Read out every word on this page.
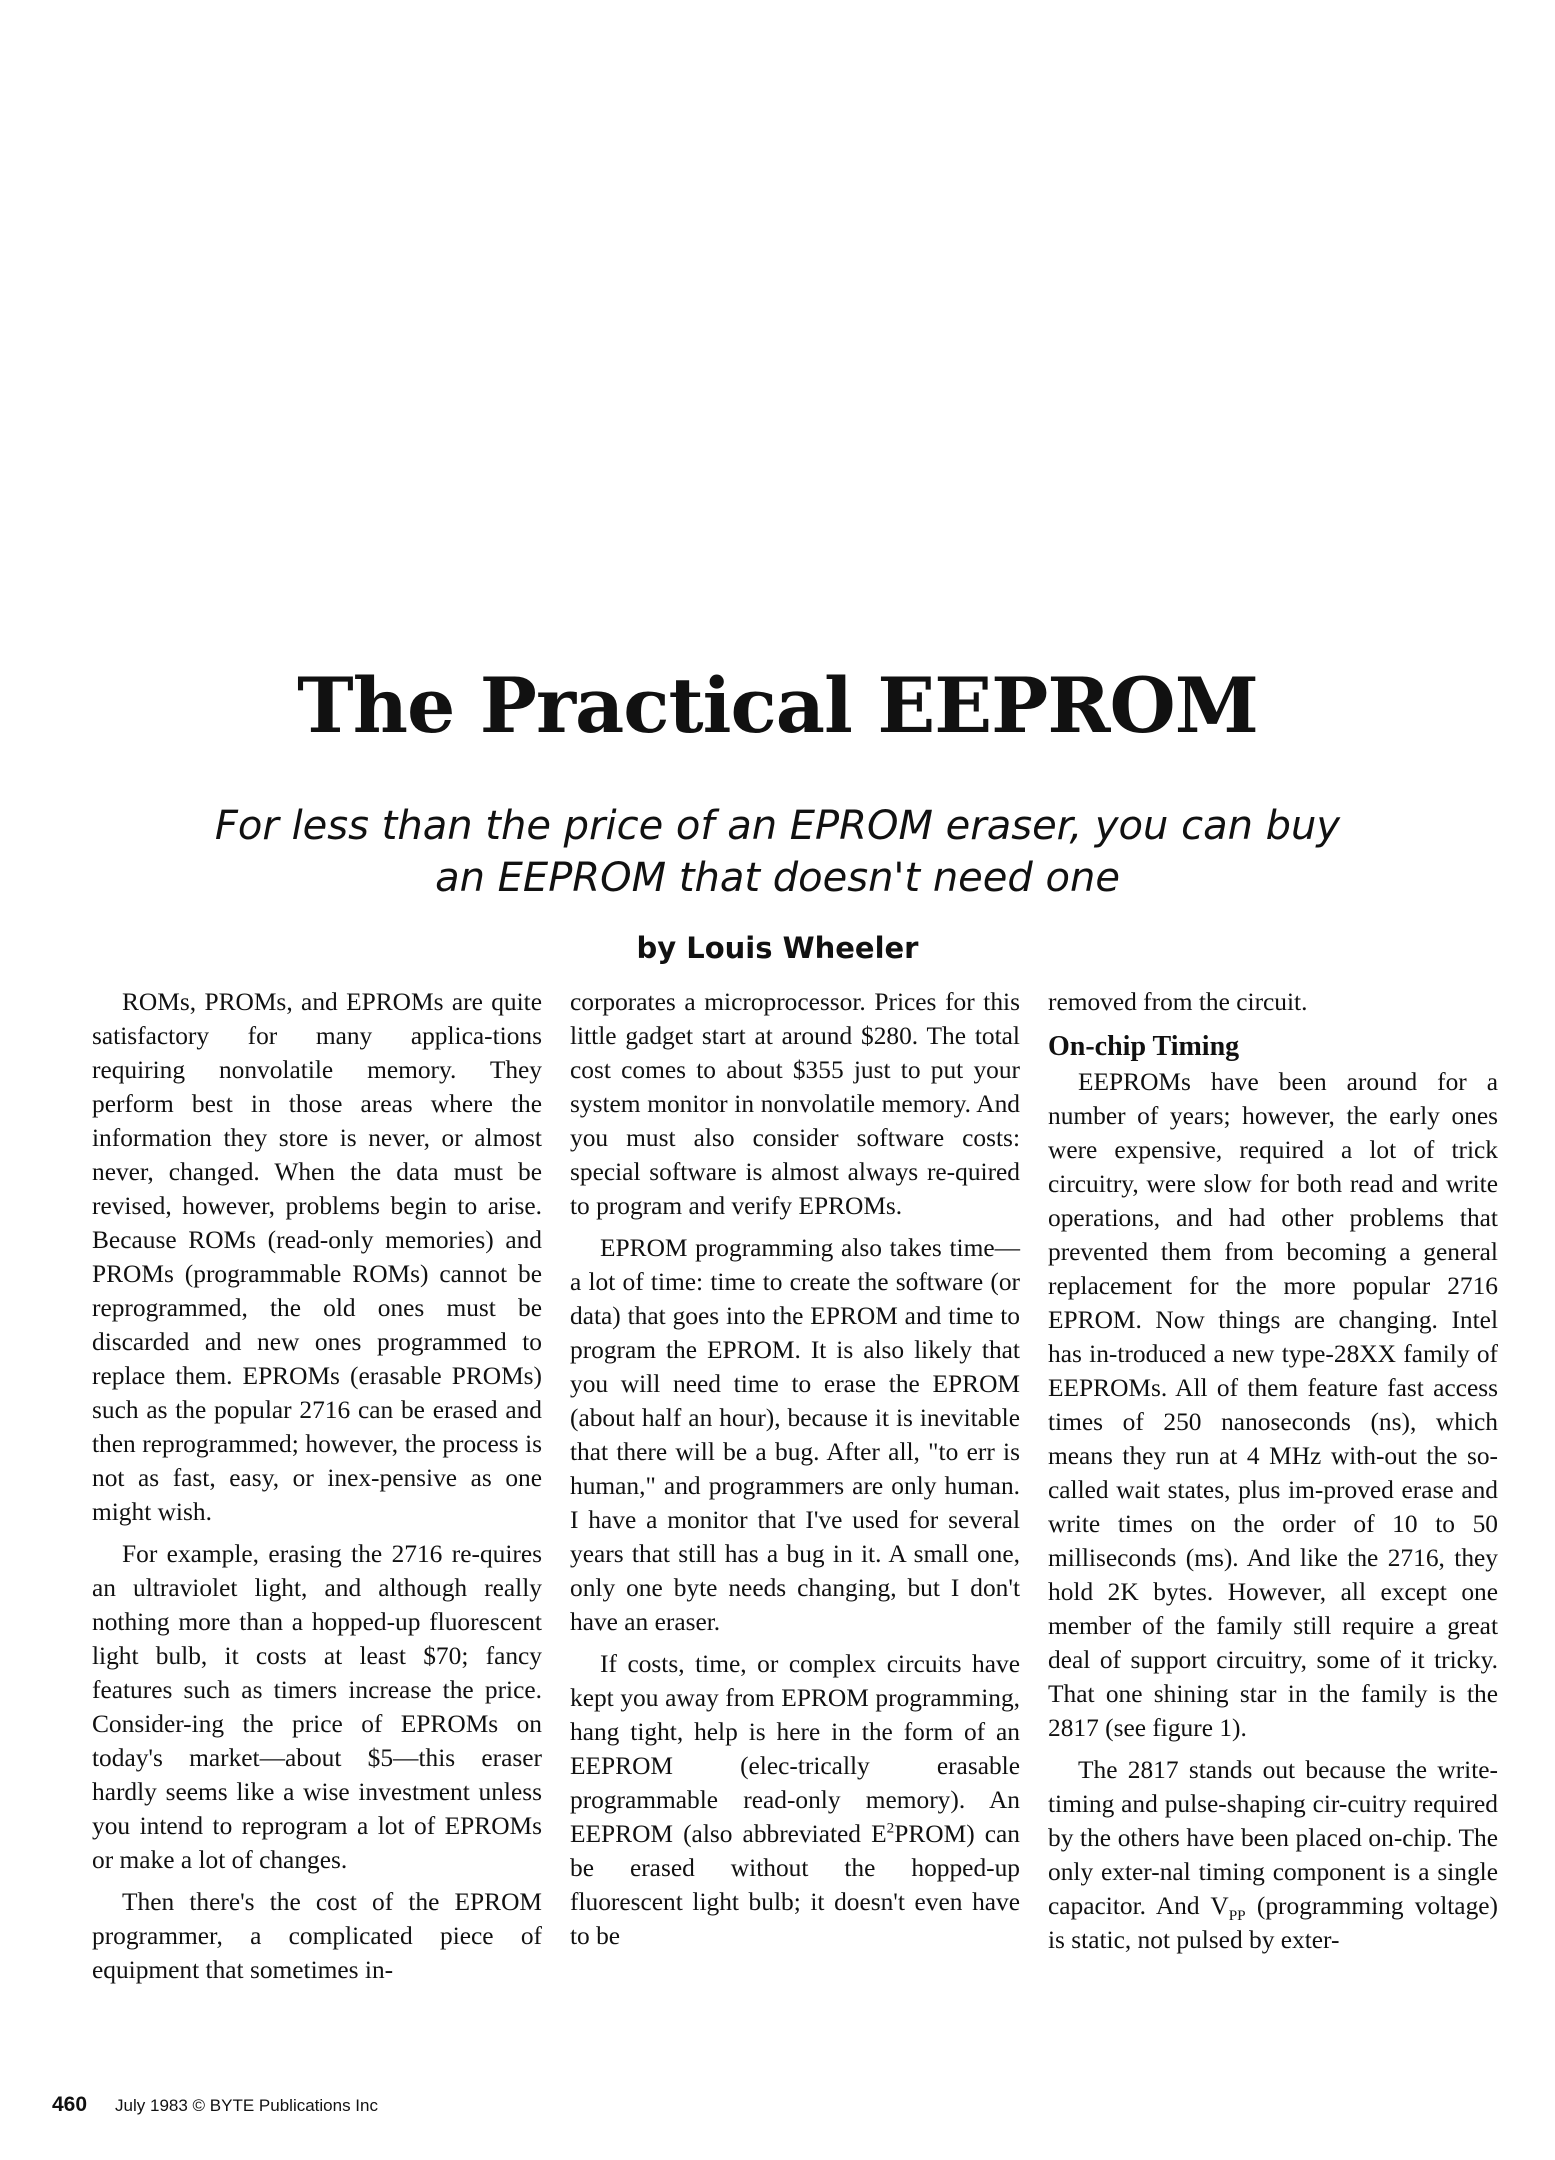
The Practical EEPROM
For less than the price of an EPROM eraser, you can buy
an EEPROM that doesn't need one
by Louis Wheeler

ROMs, PROMs, and EPROMs are quite satisfactory for many applica-tions requiring nonvolatile memory. They perform best in those areas where the information they store is never, or almost never, changed. When the data must be revised, however, problems begin to arise. Because ROMs (read-only memories) and PROMs (programmable ROMs) cannot be reprogrammed, the old ones must be discarded and new ones programmed to replace them. EPROMs (erasable PROMs) such as the popular 2716 can be erased and then reprogrammed; however, the process is not as fast, easy, or inex-pensive as one might wish.

For example, erasing the 2716 re-quires an ultraviolet light, and although really nothing more than a hopped-up fluorescent light bulb, it costs at least $70; fancy features such as timers increase the price. Consider-ing the price of EPROMs on today's market—about $5—this eraser hardly seems like a wise investment unless you intend to reprogram a lot of EPROMs or make a lot of changes.

Then there's the cost of the EPROM programmer, a complicated piece of equipment that sometimes in-

corporates a microprocessor. Prices for this little gadget start at around $280. The total cost comes to about $355 just to put your system monitor in nonvolatile memory. And you must also consider software costs: special software is almost always re-quired to program and verify EPROMs.

EPROM programming also takes time—a lot of time: time to create the software (or data) that goes into the EPROM and time to program the EPROM. It is also likely that you will need time to erase the EPROM (about half an hour), because it is inevitable that there will be a bug. After all, "to err is human," and programmers are only human. I have a monitor that I've used for several years that still has a bug in it. A small one, only one byte needs changing, but I don't have an eraser.

If costs, time, or complex circuits have kept you away from EPROM programming, hang tight, help is here in the form of an EEPROM (elec-trically erasable programmable read-only memory). An EEPROM (also abbreviated $E^2PROM$) can be erased without the hopped-up fluorescent light bulb; it doesn't even have to be

removed from the circuit.

On-chip Timing

EEPROMs have been around for a number of years; however, the early ones were expensive, required a lot of trick circuitry, were slow for both read and write operations, and had other problems that prevented them from becoming a general replacement for the more popular 2716 EPROM. Now things are changing. Intel has in-troduced a new type-28XX family of EEPROMs. All of them feature fast access times of 250 nanoseconds (ns), which means they run at 4 MHz with-out the so-called wait states, plus im-proved erase and write times on the order of 10 to 50 milliseconds (ms). And like the 2716, they hold 2K bytes. However, all except one member of the family still require a great deal of support circuitry, some of it tricky. That one shining star in the family is the 2817 (see figure 1).

The 2817 stands out because the write-timing and pulse-shaping cir-cuitry required by the others have been placed on-chip. The only exter-nal timing component is a single capacitor. And $V_{PP}$ (programming voltage) is static, not pulsed by exter-

460 July 1983 © BYTE Publications Inc
